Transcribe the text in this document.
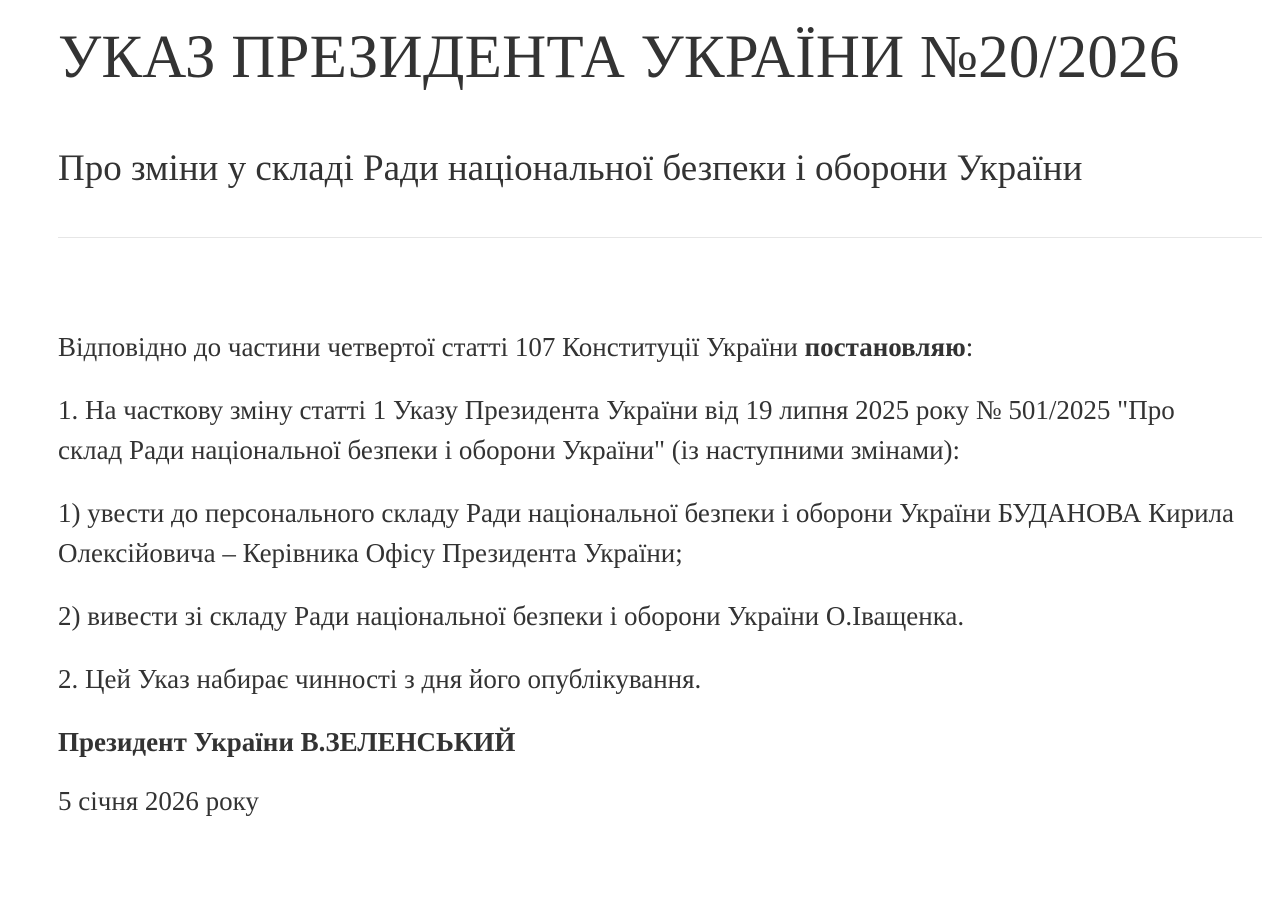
УКАЗ ПРЕЗИДЕНТА УКРАЇНИ №20/2026
Про зміни у складі Ради національної безпеки і оборони України

Відповідно до частини четвертої статті 107 Конституції України постановляю:

1. На часткову зміну статті 1 Указу Президента України від 19 липня 2025 року № 501/2025 "Про склад Ради національної безпеки і оборони України" (із наступними змінами):

1) увести до персонального складу Ради національної безпеки і оборони України БУДАНОВА Кирила Олексійовича – Керівника Офісу Президента України;

2) вивести зі складу Ради національної безпеки і оборони України О.Іващенка.

2. Цей Указ набирає чинності з дня його опублікування.

Президент України В.ЗЕЛЕНСЬКИЙ

5 січня 2026 року
